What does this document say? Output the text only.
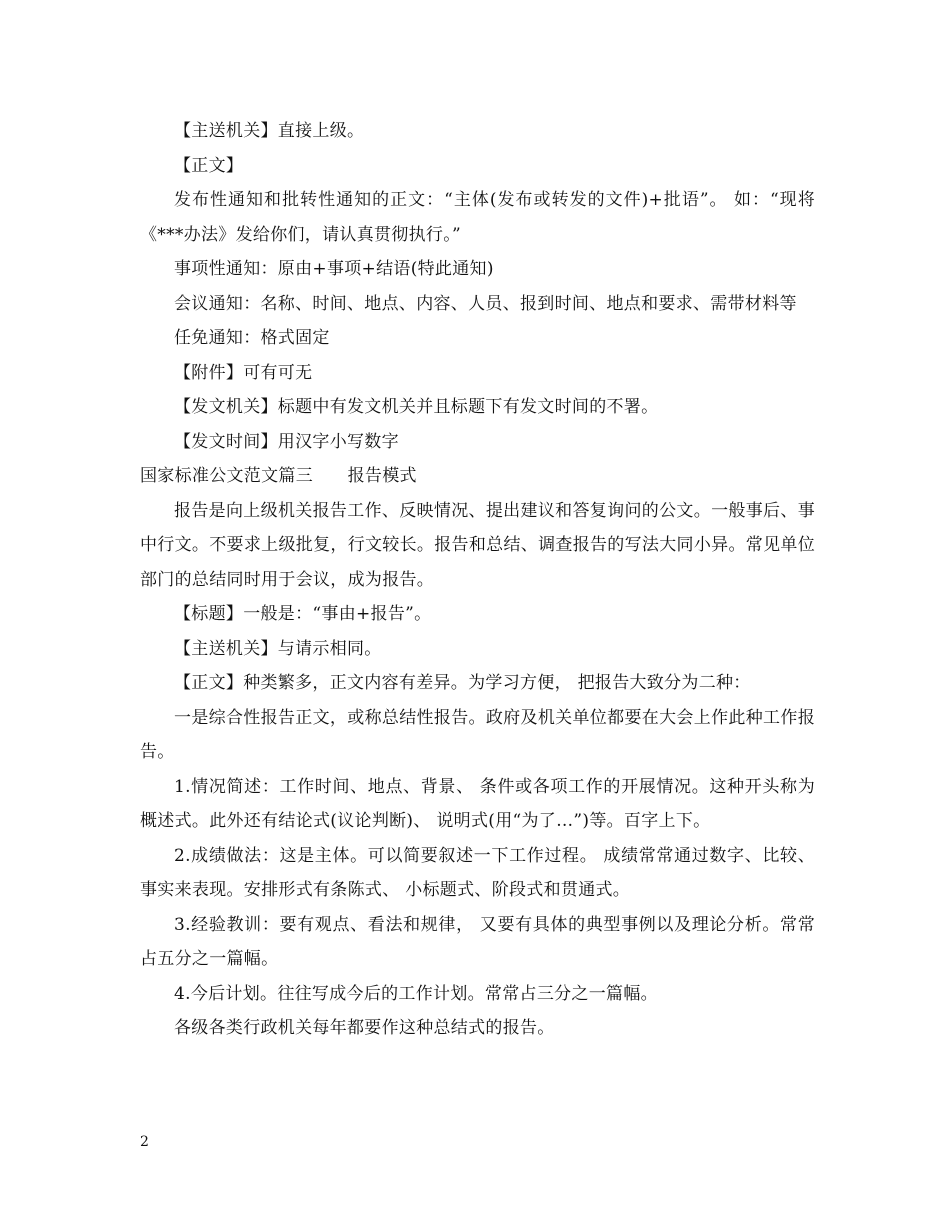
【主送机关】直接上级。

【正文】

发布性通知和批转性通知的正文：“主体(发布或转发的文件)+批语”。 如：“现将《***办法》发给你们，请认真贯彻执行。”

事项性通知：原由+事项+结语(特此通知)

会议通知：名称、时间、地点、内容、人员、报到时间、地点和要求、需带材料等

任免通知：格式固定

【附件】可有可无

【发文机关】标题中有发文机关并且标题下有发文时间的不署。

【发文时间】用汉字小写数字

国家标准公文范文篇三　　报告模式

报告是向上级机关报告工作、反映情况、提出建议和答复询问的公文。一般事后、事中行文。不要求上级批复，行文较长。报告和总结、调查报告的写法大同小异。常见单位部门的总结同时用于会议，成为报告。

【标题】一般是：“事由+报告”。

【主送机关】与请示相同。

【正文】种类繁多，正文内容有差异。为学习方便， 把报告大致分为二种：

一是综合性报告正文，或称总结性报告。政府及机关单位都要在大会上作此种工作报告。

1.情况简述：工作时间、地点、背景、 条件或各项工作的开展情况。这种开头称为概述式。此外还有结论式(议论判断)、 说明式(用“为了…”)等。百字上下。

2.成绩做法：这是主体。可以简要叙述一下工作过程。 成绩常常通过数字、比较、事实来表现。安排形式有条陈式、 小标题式、阶段式和贯通式。

3.经验教训：要有观点、看法和规律， 又要有具体的典型事例以及理论分析。常常占五分之一篇幅。

4.今后计划。往往写成今后的工作计划。常常占三分之一篇幅。

各级各类行政机关每年都要作这种总结式的报告。

2
